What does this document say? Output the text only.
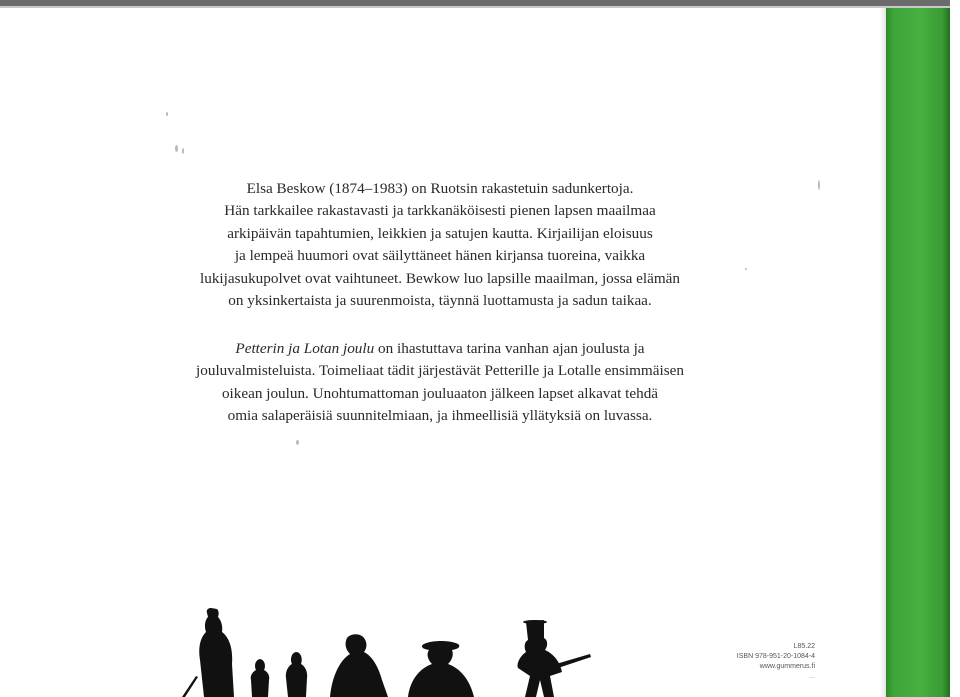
Elsa Beskow (1874–1983) on Ruotsin rakastetuin sadunkertoja.
Hän tarkkailee rakastavasti ja tarkkanäköisesti pienen lapsen maailmaa
arkipäivän tapahtumien, leikkien ja satujen kautta. Kirjailijan eloisuus
ja lempeä huumori ovat säilyttäneet hänen kirjansa tuoreina, vaikka
lukijasukupolvet ovat vaihtuneet. Bewkow luo lapsille maailman, jossa elämän
on yksinkertaista ja suurenmoista, täynnä luottamusta ja sadun taikaa.
Petterin ja Lotan joulu on ihastuttava tarina vanhan ajan joulusta ja
jouluvalmisteluista. Toimeliaat tädit järjestävät Petterille ja Lotalle ensimmäisen
oikean joulun. Unohtumattoman jouluaaton jälkeen lapset alkavat tehdä
omia salaperäisiä suunnitelmiaan, ja ihmeellisiä yllätyksiä on luvassa.
L85.22
ISBN 978-951-20-1084-4
www.gummerus.fi
...
